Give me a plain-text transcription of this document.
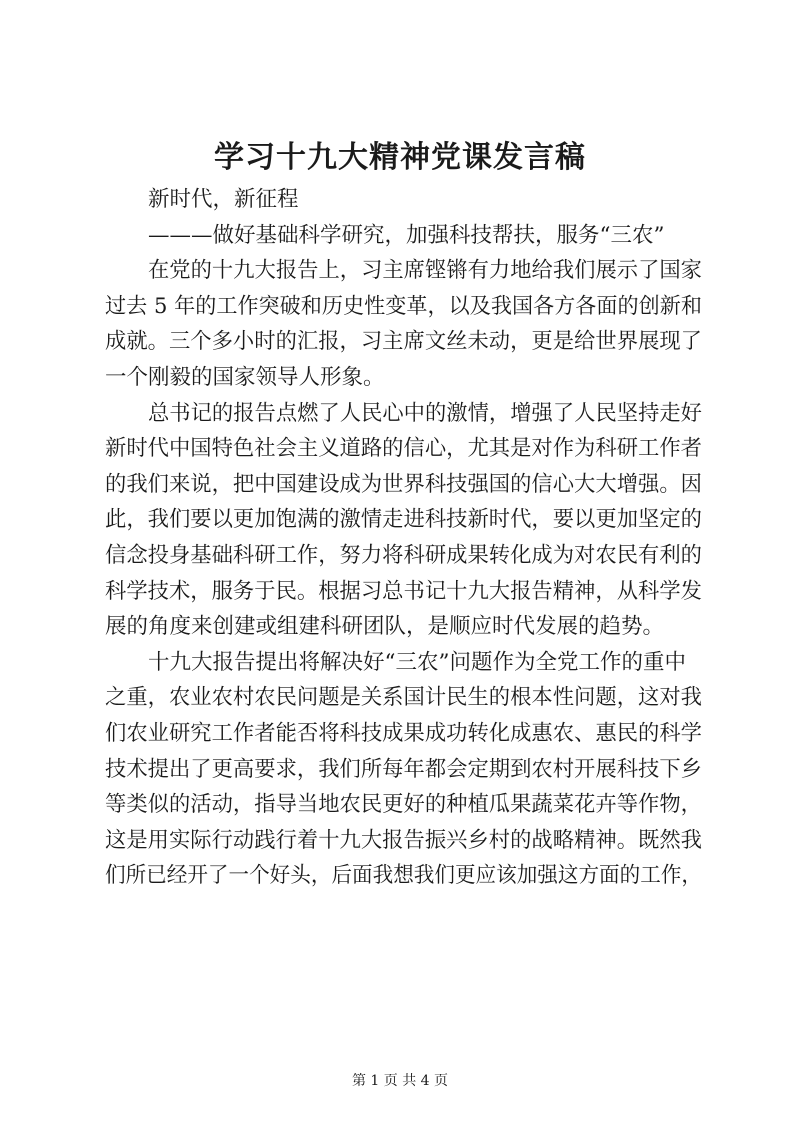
学习十九大精神党课发言稿
新时代，新征程
———做好基础科学研究，加强科技帮扶，服务“三农”
在党的十九大报告上，习主席铿锵有力地给我们展示了国家
过去 5 年的工作突破和历史性变革，以及我国各方各面的创新和
成就。三个多小时的汇报，习主席文丝未动，更是给世界展现了
一个刚毅的国家领导人形象。
总书记的报告点燃了人民心中的激情，增强了人民坚持走好
新时代中国特色社会主义道路的信心，尤其是对作为科研工作者
的我们来说，把中国建设成为世界科技强国的信心大大增强。因
此，我们要以更加饱满的激情走进科技新时代，要以更加坚定的
信念投身基础科研工作，努力将科研成果转化成为对农民有利的
科学技术，服务于民。根据习总书记十九大报告精神，从科学发
展的角度来创建或组建科研团队，是顺应时代发展的趋势。
十九大报告提出将解决好“三农”问题作为全党工作的重中
之重，农业农村农民问题是关系国计民生的根本性问题，这对我
们农业研究工作者能否将科技成果成功转化成惠农、惠民的科学
技术提出了更高要求，我们所每年都会定期到农村开展科技下乡
等类似的活动，指导当地农民更好的种植瓜果蔬菜花卉等作物，
这是用实际行动践行着十九大报告振兴乡村的战略精神。既然我
们所已经开了一个好头，后面我想我们更应该加强这方面的工作，
第 1 页 共 4 页
